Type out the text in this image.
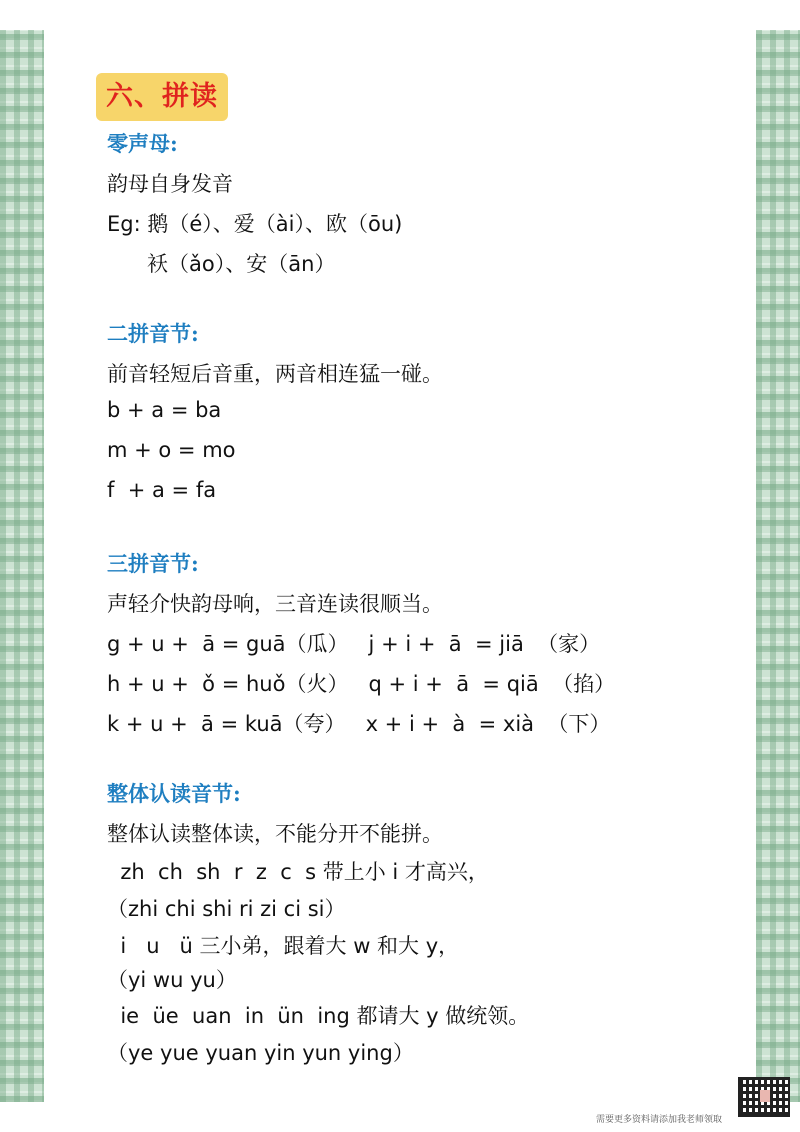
六、拼读
零声母:
韵母自身发音
Eg: 鹅（é）、爱（ài）、欧（ōu)
袄（ǎo）、安（ān）
二拼音节:
前音轻短后音重，两音相连猛一碰。
b + a = ba
m + o = mo
f  + a = fa
三拼音节:
声轻介快韵母响，三音连读很顺当。
g + u +  ā = guā（瓜）   j + i +  ā  = jiā  （家）
h + u +  ǒ = huǒ（火）   q + i +  ā  = qiā  （掐）
k + u +  ā = kuā（夸）   x + i +  à  = xià  （下）
整体认读音节:
整体认读整体读，不能分开不能拼。
zh  ch  sh  r  z  c  s 带上小 i 才高兴，
（zhi chi shi ri zi ci si）
i   u   ü 三小弟，跟着大 w 和大 y，
（yi wu yu）
ie  üe  uan  in  ün  ing 都请大 y 做统领。
（ye yue yuan yin yun ying）
需要更多资料请添加我老师领取
